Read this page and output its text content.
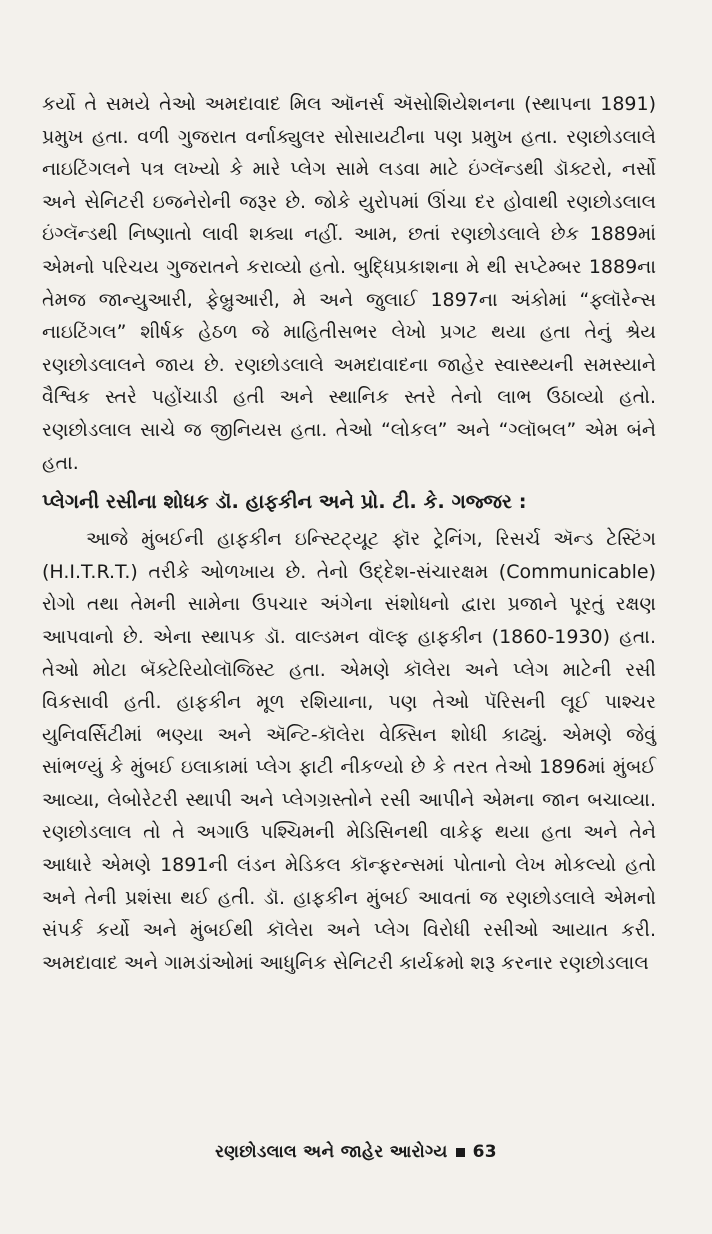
કર્યો તે સમયે તેઓ અમદાવાદ મિલ ઑનર્સ ઍસોશિયેશનના (સ્થાપના 1891) પ્રમુખ હતા. વળી ગુજરાત વર્નાક્યુલર સોસાયટીના પણ પ્રમુખ હતા. રણછોડલાલે નાઇટિંગલને પત્ર લખ્યો કે મારે પ્લેગ સામે લડવા માટે ઇંગ્લૅન્ડથી ડૉક્ટરો, નર્સો અને સેનિટરી ઇજનેરોની જરૂર છે. જોકે યુરોપમાં ઊંચા દર હોવાથી રણછોડલાલ ઇંગ્લૅન્ડથી નિષ્ણાતો લાવી શક્યા નહીં. આમ, છતાં રણછોડલાલે છેક 1889માં એમનો પરિચય ગુજરાતને કરાવ્યો હતો. બુદ્ધિપ્રકાશના મે થી સપ્ટેમ્બર 1889ના તેમજ જાન્યુઆરી, ફેબ્રુઆરી, મે અને જુલાઈ 1897ના અંકોમાં “ફ્લૉરેન્સ નાઇટિંગલ” શીર્ષક હેઠળ જે માહિતીસભર લેખો પ્રગટ થયા હતા તેનું શ્રેય રણછોડલાલને જાય છે. રણછોડલાલે અમદાવાદના જાહેર સ્વાસ્થ્યની સમસ્યાને વૈશ્વિક સ્તરે પહોંચાડી હતી અને સ્થાનિક સ્તરે તેનો લાભ ઉઠાવ્યો હતો. રણછોડલાલ સાચે જ જીનિયસ હતા. તેઓ “લોકલ” અને “ગ્લૉબલ” એમ બંને હતા.

પ્લેગની રસીના શોધક ડૉ. હાફકીન અને પ્રો. ટી. કે. ગજ્જર :

આજે મુંબઈની હાફકીન ઇન્સ્ટિટ્યૂટ ફૉર ટ્રેનિંગ, રિસર્ચ ઍન્ડ ટેસ્ટિંગ (H.I.T.R.T.) તરીકે ઓળખાય છે. તેનો ઉદ્દેશ-સંચારક્ષમ (Communicable) રોગો તથા તેમની સામેના ઉપચાર અંગેના સંશોધનો દ્વારા પ્રજાને પૂરતું રક્ષણ આપવાનો છે. એના સ્થાપક ડૉ. વાલ્ડમન વૉલ્ફ હાફકીન (1860-1930) હતા. તેઓ મોટા બૅક્ટેરિયોલૉજિસ્ટ હતા. એમણે કૉલેરા અને પ્લેગ માટેની રસી વિકસાવી હતી. હાફકીન મૂળ રશિયાના, પણ તેઓ પૅરિસની લૂઈ પાશ્ચર યુનિવર્સિટીમાં ભણ્યા અને ઍન્ટિ-કૉલેરા વેક્સિન શોધી કાઢ્યું. એમણે જેવું સાંભળ્યું કે મુંબઈ ઇલાકામાં પ્લેગ ફાટી નીકળ્યો છે કે તરત તેઓ 1896માં મુંબઈ આવ્યા, લેબોરેટરી સ્થાપી અને પ્લેગગ્રસ્તોને રસી આપીને એમના જાન બચાવ્યા. રણછોડલાલ તો તે અગાઉ પશ્ચિમની મેડિસિનથી વાકેફ થયા હતા અને તેને આધારે એમણે 1891ની લંડન મેડિકલ કૉન્ફરન્સમાં પોતાનો લેખ મોકલ્યો હતો અને તેની પ્રશંસા થઈ હતી. ડૉ. હાફકીન મુંબઈ આવતાં જ રણછોડલાલે એમનો સંપર્ક કર્યો અને મુંબઈથી કૉલેરા અને પ્લેગ વિરોધી રસીઓ આયાત કરી. અમદાવાદ અને ગામડાંઓમાં આધુનિક સેનિટરી કાર્યક્રમો શરૂ કરનાર રણછોડલાલ

રણછોડલાલ અને જાહેર આરોગ્ય 63
